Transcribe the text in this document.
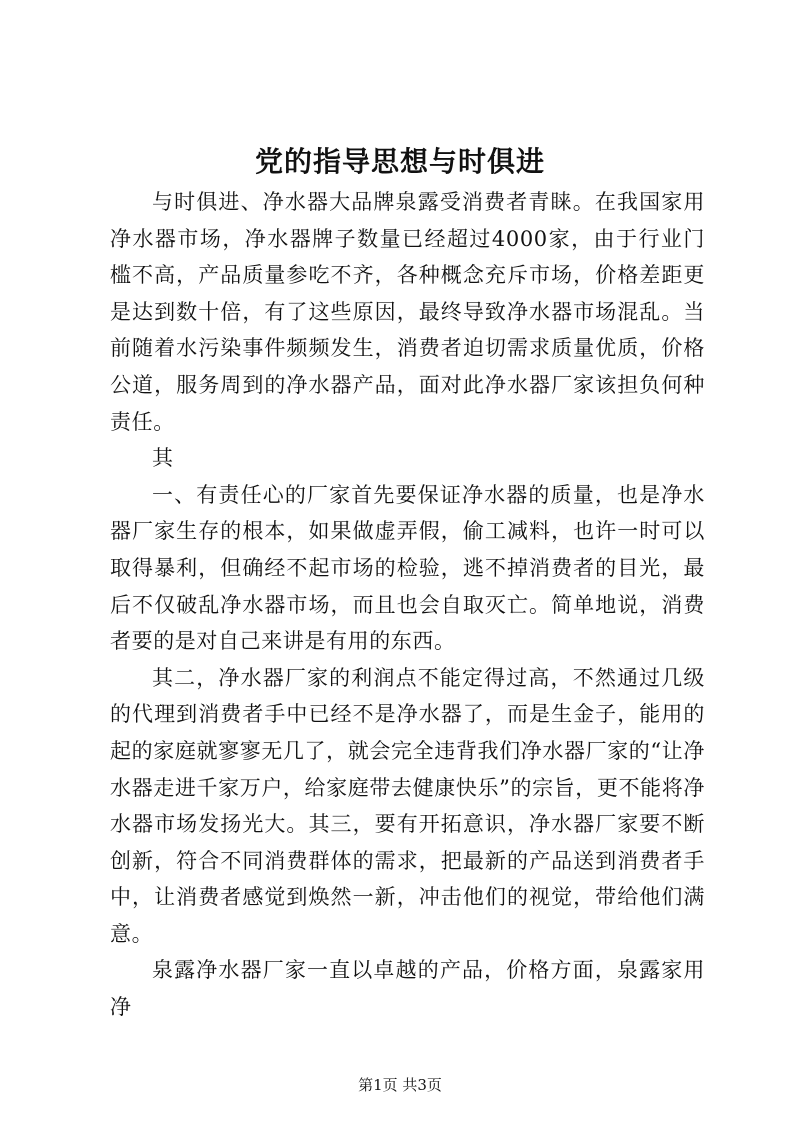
党的指导思想与时俱进

与时俱进、净水器大品牌泉露受消费者青睐。在我国家用净水器市场，净水器牌子数量已经超过4000家，由于行业门槛不高，产品质量参吃不齐，各种概念充斥市场，价格差距更是达到数十倍，有了这些原因，最终导致净水器市场混乱。当前随着水污染事件频频发生，消费者迫切需求质量优质，价格公道，服务周到的净水器产品，面对此净水器厂家该担负何种责任。

其

一、有责任心的厂家首先要保证净水器的质量，也是净水器厂家生存的根本，如果做虚弄假，偷工减料，也许一时可以取得暴利，但确经不起市场的检验，逃不掉消费者的目光，最后不仅破乱净水器市场，而且也会自取灭亡。简单地说，消费者要的是对自己来讲是有用的东西。

其二，净水器厂家的利润点不能定得过高，不然通过几级的代理到消费者手中已经不是净水器了，而是生金子，能用的起的家庭就寥寥无几了，就会完全违背我们净水器厂家的“让净水器走进千家万户，给家庭带去健康快乐”的宗旨，更不能将净水器市场发扬光大。其三，要有开拓意识，净水器厂家要不断创新，符合不同消费群体的需求，把最新的产品送到消费者手中，让消费者感觉到焕然一新，冲击他们的视觉，带给他们满意。

泉露净水器厂家一直以卓越的产品，价格方面，泉露家用净

第1页 共3页
